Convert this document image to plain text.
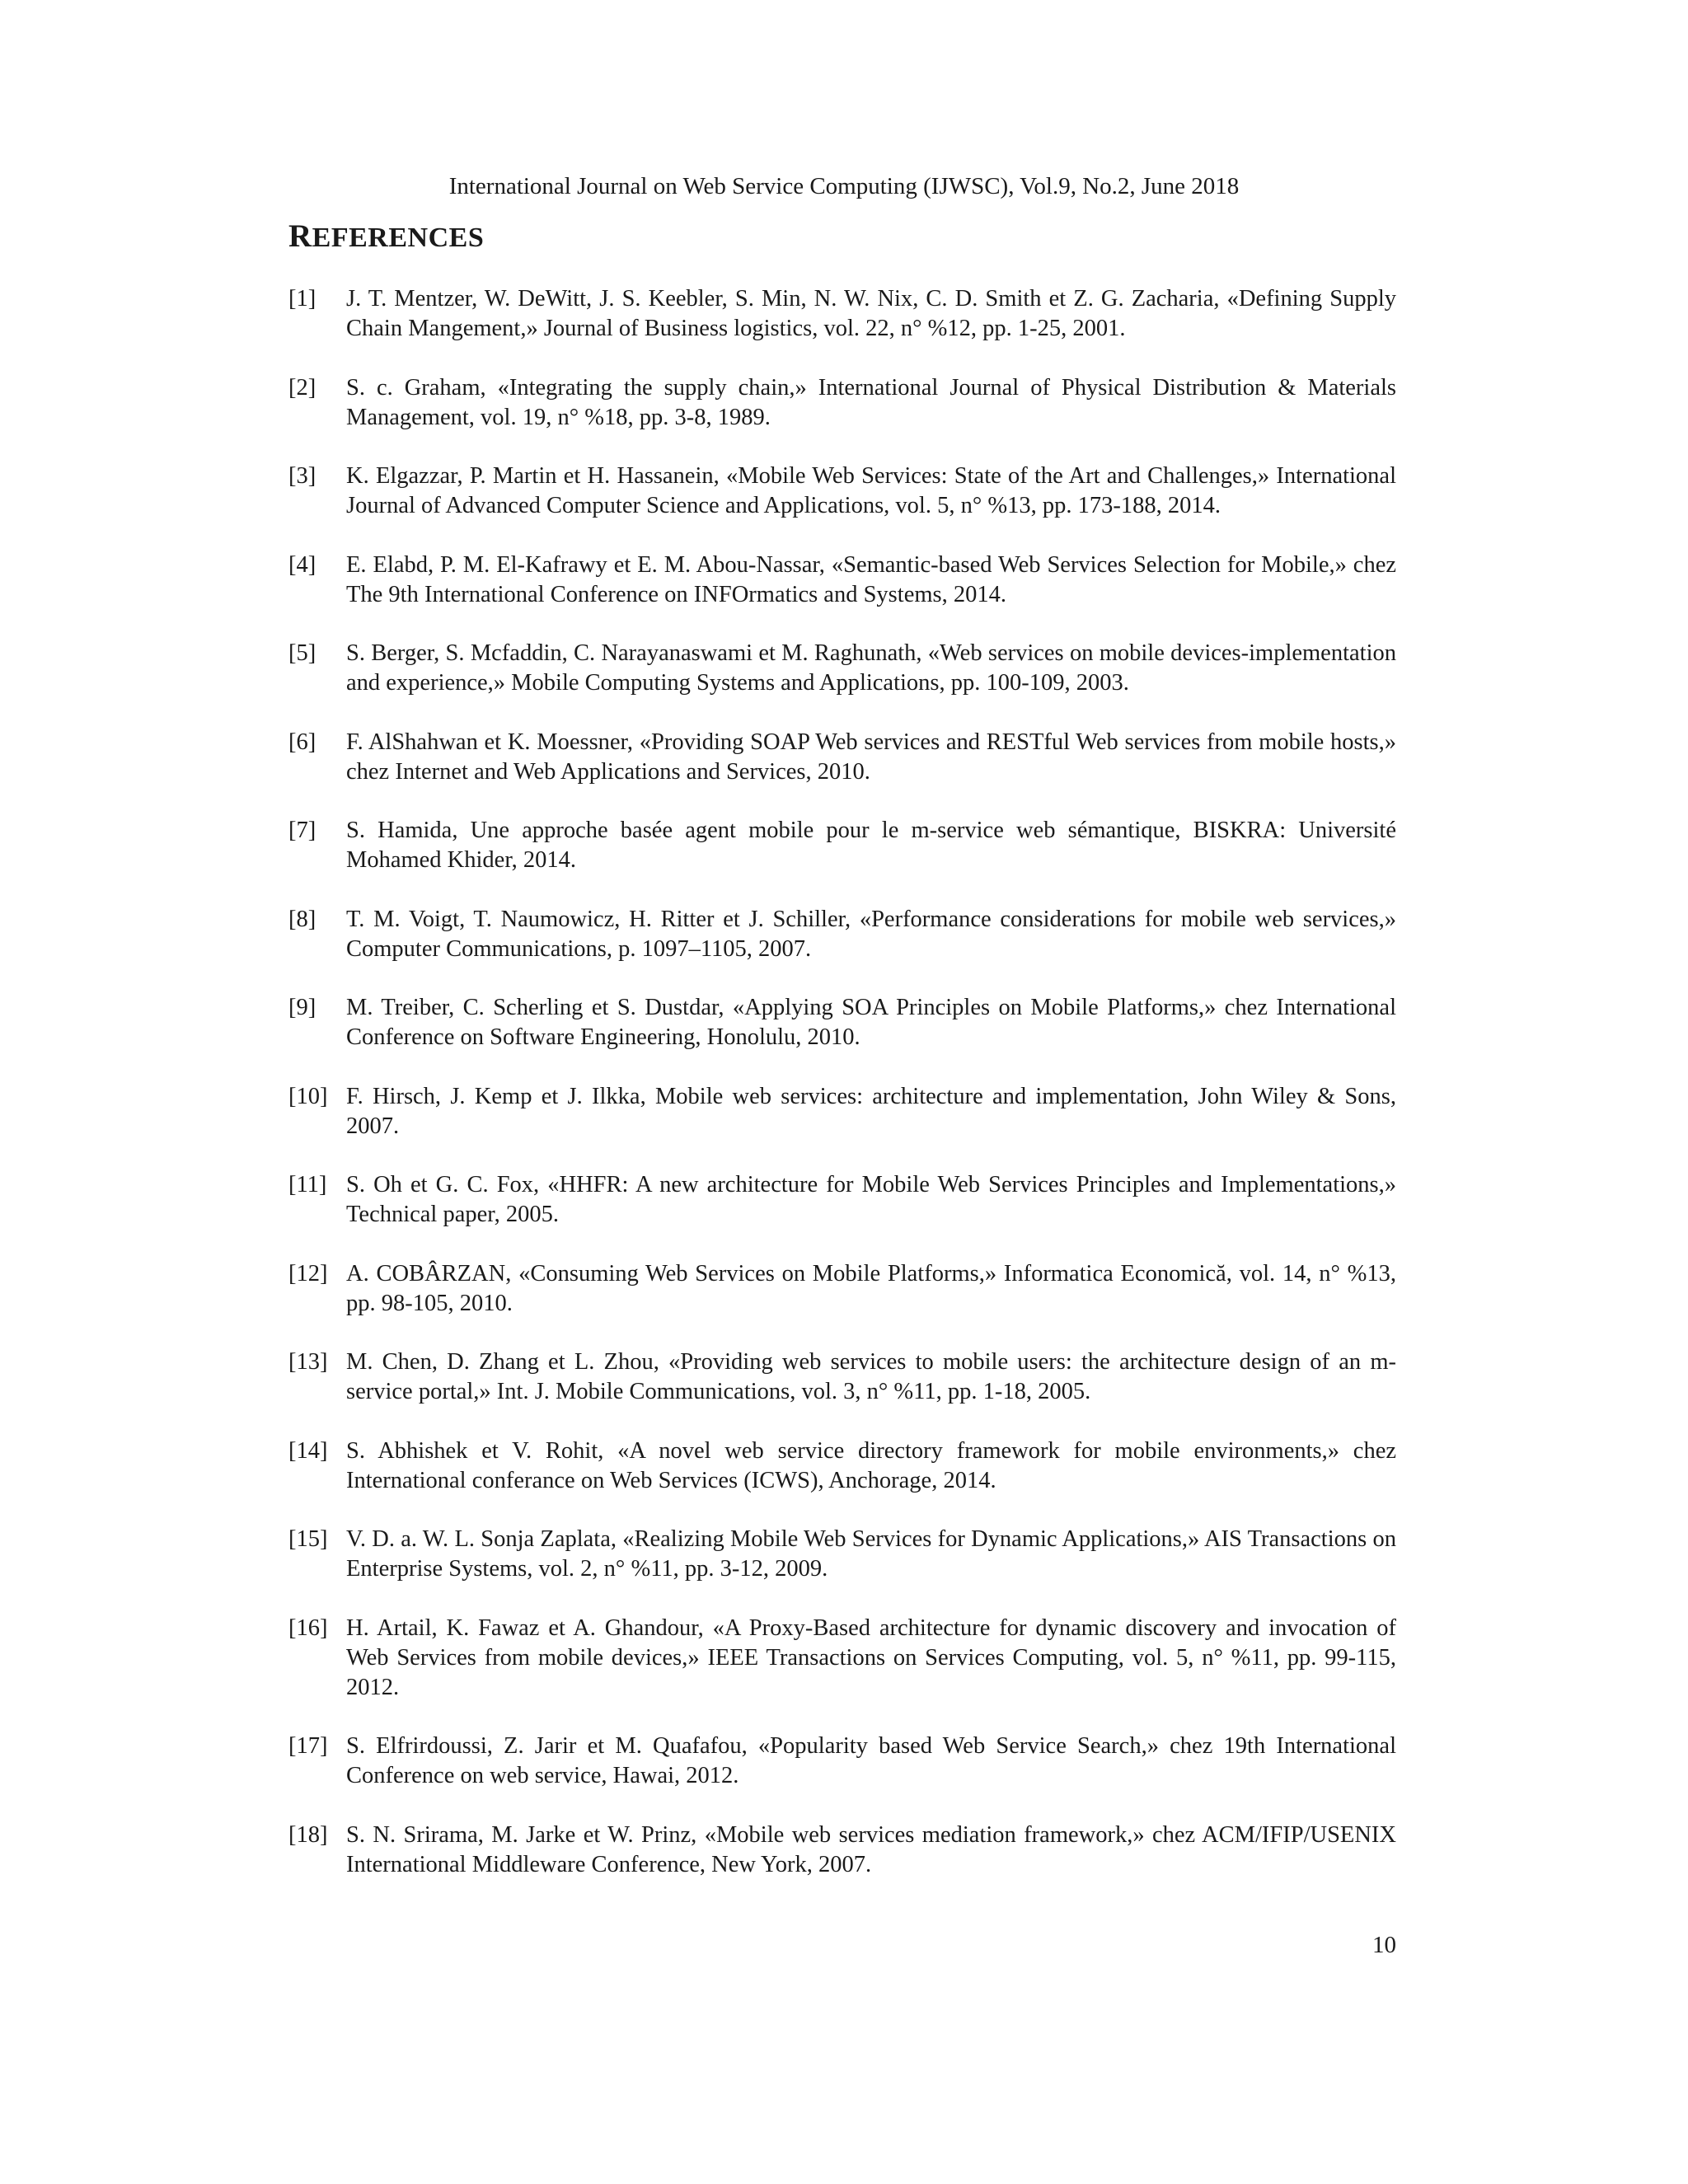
International Journal on Web Service Computing (IJWSC), Vol.9, No.2, June 2018
REFERENCES
[1]	J. T. Mentzer, W. DeWitt, J. S. Keebler, S. Min, N. W. Nix, C. D. Smith et Z. G. Zacharia, «Defining Supply Chain Mangement,» Journal of Business logistics, vol. 22, n° %12, pp. 1-25, 2001.
[2]	S. c. Graham, «Integrating the supply chain,» International Journal of Physical Distribution & Materials Management, vol. 19, n° %18, pp. 3-8, 1989.
[3]	K. Elgazzar, P. Martin et H. Hassanein, «Mobile Web Services: State of the Art and Challenges,» International Journal of Advanced Computer Science and Applications, vol. 5, n° %13, pp. 173-188, 2014.
[4]	E. Elabd, P. M. El-Kafrawy et E. M. Abou-Nassar, «Semantic-based Web Services Selection for Mobile,» chez The 9th International Conference on INFOrmatics and Systems, 2014.
[5]	S. Berger, S. Mcfaddin, C. Narayanaswami et M. Raghunath, «Web services on mobile devices-implementation and experience,» Mobile Computing Systems and Applications, pp. 100-109, 2003.
[6]	F. AlShahwan et K. Moessner, «Providing SOAP Web services and RESTful Web services from mobile hosts,» chez Internet and Web Applications and Services, 2010.
[7]	S. Hamida, Une approche basée agent mobile pour le m-service web sémantique, BISKRA: Université Mohamed Khider, 2014.
[8]	T. M. Voigt, T. Naumowicz, H. Ritter et J. Schiller, «Performance considerations for mobile web services,» Computer Communications, p. 1097–1105, 2007.
[9]	M. Treiber, C. Scherling et S. Dustdar, «Applying SOA Principles on Mobile Platforms,» chez International Conference on Software Engineering, Honolulu, 2010.
[10] F. Hirsch, J. Kemp et J. Ilkka, Mobile web services: architecture and implementation, John Wiley & Sons, 2007.
[11] S. Oh et G. C. Fox, «HHFR: A new architecture for Mobile Web Services Principles and Implementations,» Technical paper, 2005.
[12] A. COBÂRZAN, «Consuming Web Services on Mobile Platforms,» Informatica Economică, vol. 14, n° %13, pp. 98-105, 2010.
[13] M. Chen, D. Zhang et L. Zhou, «Providing web services to mobile users: the architecture design of an m-service portal,» Int. J. Mobile Communications, vol. 3, n° %11, pp. 1-18, 2005.
[14] S. Abhishek et V. Rohit, «A novel web service directory framework for mobile environments,» chez International conferance on Web Services (ICWS), Anchorage, 2014.
[15] V. D. a. W. L. Sonja Zaplata, «Realizing Mobile Web Services for Dynamic Applications,» AIS Transactions on Enterprise Systems, vol. 2, n° %11, pp. 3-12, 2009.
[16] H. Artail, K. Fawaz et A. Ghandour, «A Proxy-Based architecture for dynamic discovery and invocation of Web Services from mobile devices,» IEEE Transactions on Services Computing, vol. 5, n° %11, pp. 99-115, 2012.
[17] S. Elfrirdoussi, Z. Jarir et M. Quafafou, «Popularity based Web Service Search,» chez 19th International Conference on web service, Hawai, 2012.
[18] S. N. Srirama, M. Jarke et W. Prinz, «Mobile web services mediation framework,» chez ACM/IFIP/USENIX International Middleware Conference, New York, 2007.
10
